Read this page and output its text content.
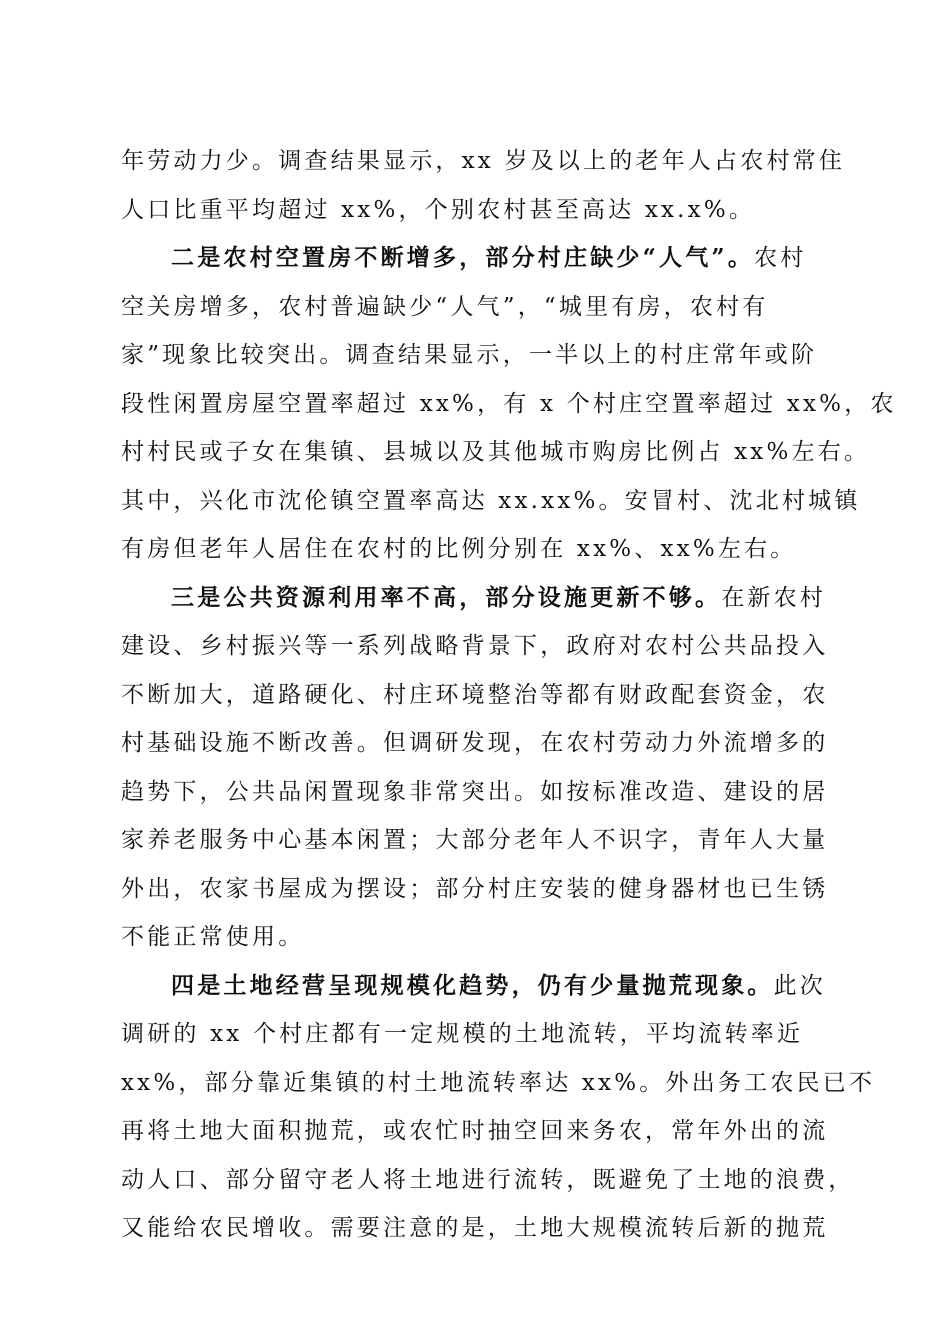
年劳动力少。调查结果显示，xx 岁及以上的老年人占农村常住
人口比重平均超过 xx%，个别农村甚至高达 xx.x%。
二是农村空置房不断增多，部分村庄缺少“人气”。农村
空关房增多，农村普遍缺少“人气”，“城里有房，农村有
家”现象比较突出。调查结果显示，一半以上的村庄常年或阶
段性闲置房屋空置率超过 xx%，有 x 个村庄空置率超过 xx%，农
村村民或子女在集镇、县城以及其他城市购房比例占 xx%左右。
其中，兴化市沈伦镇空置率高达 xx.xx%。安冒村、沈北村城镇
有房但老年人居住在农村的比例分别在 xx%、xx%左右。
三是公共资源利用率不高，部分设施更新不够。在新农村
建设、乡村振兴等一系列战略背景下，政府对农村公共品投入
不断加大，道路硬化、村庄环境整治等都有财政配套资金，农
村基础设施不断改善。但调研发现，在农村劳动力外流增多的
趋势下，公共品闲置现象非常突出。如按标准改造、建设的居
家养老服务中心基本闲置；大部分老年人不识字，青年人大量
外出，农家书屋成为摆设；部分村庄安装的健身器材也已生锈
不能正常使用。
四是土地经营呈现规模化趋势，仍有少量抛荒现象。此次
调研的 xx 个村庄都有一定规模的土地流转，平均流转率近
xx%，部分靠近集镇的村土地流转率达 xx%。外出务工农民已不
再将土地大面积抛荒，或农忙时抽空回来务农，常年外出的流
动人口、部分留守老人将土地进行流转，既避免了土地的浪费，
又能给农民增收。需要注意的是，土地大规模流转后新的抛荒
